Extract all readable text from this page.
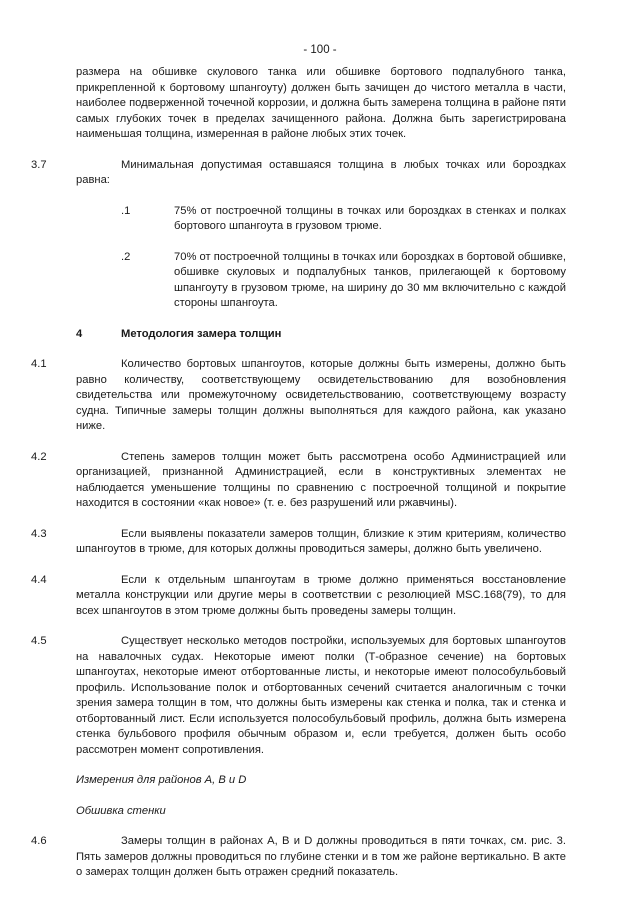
- 100 -

размера на обшивке скулового танка или обшивке бортового подпалубного танка, прикрепленной к бортовому шпангоуту) должен быть зачищен до чистого металла в части, наиболее подверженной точечной коррозии, и должна быть замерена толщина в районе пяти самых глубоких точек в пределах зачищенного района. Должна быть зарегистрирована наименьшая толщина, измеренная в районе любых этих точек.

3.7	Минимальная допустимая оставшаяся толщина в любых точках или бороздках равна:

.1	75% от построечной толщины в точках или бороздках в стенках и полках бортового шпангоута в грузовом трюме.

.2	70% от построечной толщины в точках или бороздках в бортовой обшивке, обшивке скуловых и подпалубных танков, прилегающей к бортовому шпангоуту в грузовом трюме, на ширину до 30 мм включительно с каждой стороны шпангоута.

4	Методология замера толщин

4.1	Количество бортовых шпангоутов, которые должны быть измерены, должно быть равно количеству, соответствующему освидетельствованию для возобновления свидетельства или промежуточному освидетельствованию, соответствующему возрасту судна. Типичные замеры толщин должны выполняться для каждого района, как указано ниже.

4.2	Степень замеров толщин может быть рассмотрена особо Администрацией или организацией, признанной Администрацией, если в конструктивных элементах не наблюдается уменьшение толщины по сравнению с построечной толщиной и покрытие находится в состоянии «как новое» (т. е. без разрушений или ржавчины).

4.3	Если выявлены показатели замеров толщин, близкие к этим критериям, количество шпангоутов в трюме, для которых должны проводиться замеры, должно быть увеличено.

4.4	Если к отдельным шпангоутам в трюме должно применяться восстановление металла конструкции или другие меры в соответствии с резолюцией MSC.168(79), то для всех шпангоутов в этом трюме должны быть проведены замеры толщин.

4.5	Существует несколько методов постройки, используемых для бортовых шпангоутов на навалочных судах. Некоторые имеют полки (Т-образное сечение) на бортовых шпангоутах, некоторые имеют отбортованные листы, и некоторые имеют полособульбовый профиль. Использование полок и отбортованных сечений считается аналогичным с точки зрения замера толщин в том, что должны быть измерены как стенка и полка, так и стенка и отбортованный лист. Если используется полособульбовый профиль, должна быть измерена стенка бульбового профиля обычным образом и, если требуется, должен быть особо рассмотрен момент сопротивления.

Измерения для районов А, В и D

Обшивка стенки

4.6	Замеры толщин в районах А, В и D должны проводиться в пяти точках, см. рис. 3. Пять замеров должны проводиться по глубине стенки и в том же районе вертикально. В акте о замерах толщин должен быть отражен средний показатель.
